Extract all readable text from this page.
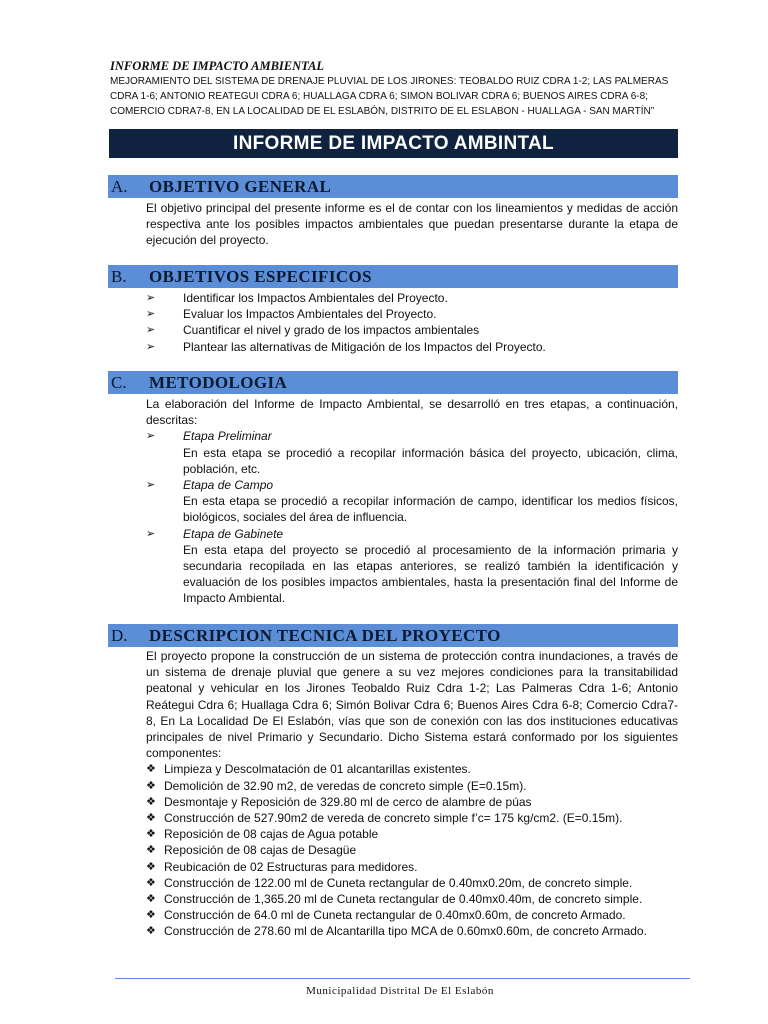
INFORME DE IMPACTO AMBIENTAL
MEJORAMIENTO DEL SISTEMA DE DRENAJE PLUVIAL DE LOS JIRONES: TEOBALDO RUIZ CDRA 1-2; LAS PALMERAS CDRA 1-6; ANTONIO REATEGUI CDRA 6; HUALLAGA CDRA 6; SIMON BOLIVAR CDRA 6; BUENOS AIRES CDRA 6-8; COMERCIO CDRA7-8, EN LA LOCALIDAD DE EL ESLABÓN, DISTRITO DE EL ESLABON - HUALLAGA - SAN MARTÍN”
INFORME DE IMPACTO AMBINTAL
A.	OBJETIVO GENERAL
El objetivo principal del presente informe es el de contar con los lineamientos y medidas de acción respectiva ante los posibles impactos ambientales que puedan presentarse durante la etapa de ejecución del proyecto.
B.	OBJETIVOS ESPECIFICOS
➢ Identificar los Impactos Ambientales del Proyecto.
➢ Evaluar los Impactos Ambientales del Proyecto.
➢ Cuantificar el nivel y grado de los impactos ambientales
➢ Plantear las alternativas de Mitigación de los Impactos del Proyecto.
C.	METODOLOGIA
La elaboración del Informe de Impacto Ambiental, se desarrolló en tres etapas, a continuación, descritas:
➢ Etapa Preliminar
En esta etapa se procedió a recopilar información básica del proyecto, ubicación, clima, población, etc.
➢ Etapa de Campo
En esta etapa se procedió a recopilar información de campo, identificar los medios físicos, biológicos, sociales del área de influencia.
➢ Etapa de Gabinete
En esta etapa del proyecto se procedió al procesamiento de la información primaria y secundaria recopilada en las etapas anteriores, se realizó también la identificación y evaluación de los posibles impactos ambientales, hasta la presentación final del Informe de Impacto Ambiental.
D.	DESCRIPCION TECNICA DEL PROYECTO
El proyecto propone la construcción de un sistema de protección contra inundaciones, a través de un sistema de drenaje pluvial que genere a su vez mejores condiciones para la transitabilidad peatonal y vehicular en los Jirones Teobaldo Ruiz Cdra 1-2; Las Palmeras Cdra 1-6; Antonio Reátegui Cdra 6; Huallaga Cdra 6; Simón Bolivar Cdra 6; Buenos Aires Cdra 6-8; Comercio Cdra7-8, En La Localidad De El Eslabón, vías que son de conexión con las dos instituciones educativas principales de nivel Primario y Secundario. Dicho Sistema estará conformado por los siguientes componentes:
❖ Limpieza y Descolmatación de 01 alcantarillas existentes.
❖ Demolición de 32.90 m2, de veredas de concreto simple (E=0.15m).
❖ Desmontaje y Reposición de 329.80 ml de cerco de alambre de púas
❖ Construcción de 527.90m2 de vereda de concreto simple f’c= 175 kg/cm2. (E=0.15m).
❖ Reposición de 08 cajas de Agua potable
❖ Reposición de 08 cajas de Desagüe
❖ Reubicación de 02 Estructuras para medidores.
❖ Construcción de 122.00 ml de Cuneta rectangular de 0.40mx0.20m, de concreto simple.
❖ Construcción de 1,365.20 ml de Cuneta rectangular de 0.40mx0.40m, de concreto simple.
❖ Construcción de 64.0 ml de Cuneta rectangular de 0.40mx0.60m, de concreto Armado.
❖ Construcción de 278.60 ml de Alcantarilla tipo MCA de 0.60mx0.60m, de concreto Armado.
Municipalidad Distrital De El Eslabón
